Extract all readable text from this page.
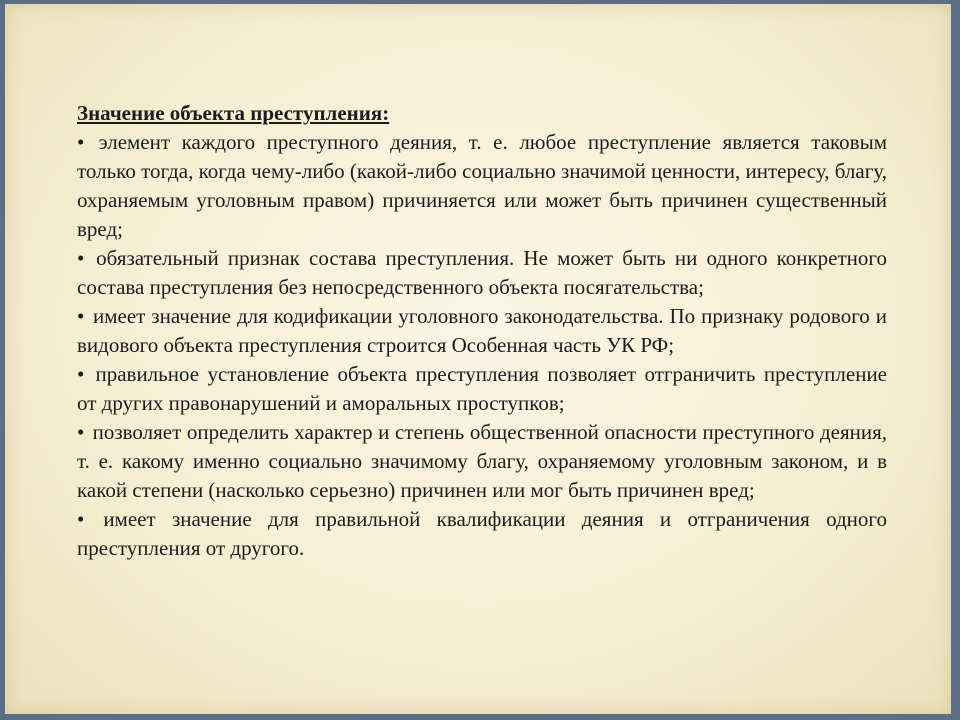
Значение объекта преступления:

• элемент каждого преступного деяния, т. е. любое преступление является таковым только тогда, когда чему-либо (какой-либо социально значимой ценности, интересу, благу, охраняемым уголовным правом) причиняется или может быть причинен существенный вред;

• обязательный признак состава преступления. Не может быть ни одного конкретного состава преступления без непосредственного объекта посягательства;

• имеет значение для кодификации уголовного законодательства. По признаку родового и видового объекта преступления строится Особенная часть УК РФ;

• правильное установление объекта преступления позволяет отграничить преступление от других правонарушений и аморальных проступков;

• позволяет определить характер и степень общественной опасности преступного деяния, т. е. какому именно социально значимому благу, охраняемому уголовным законом, и в какой степени (насколько серьезно) причинен или мог быть причинен вред;

• имеет значение для правильной квалификации деяния и отграничения одного преступления от другого.
